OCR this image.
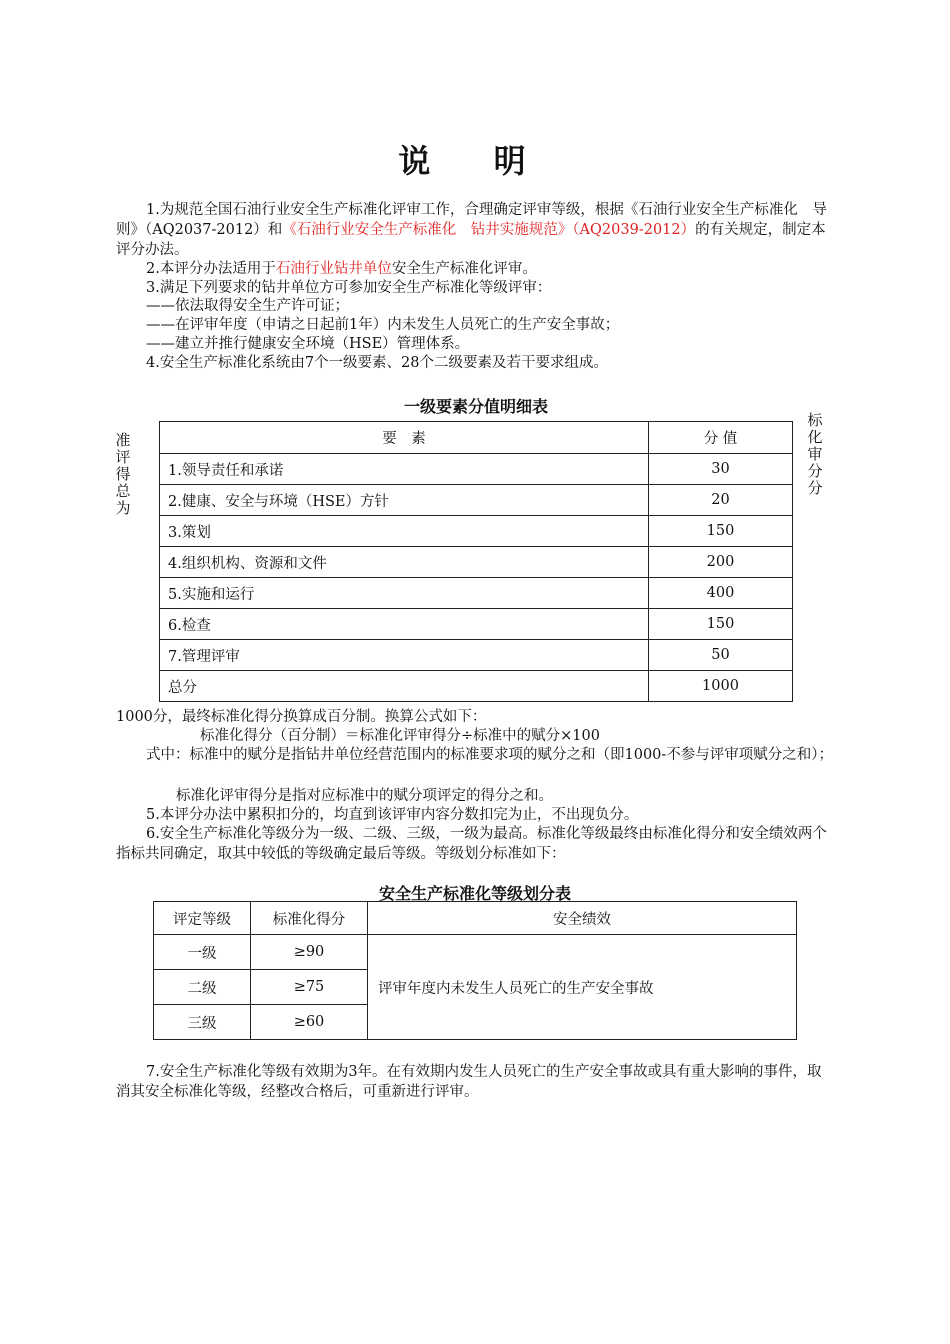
说 明

1.为规范全国石油行业安全生产标准化评审工作，合理确定评审等级，根据《石油行业安全生产标准化　导则》（AQ2037-2012）和《石油行业安全生产标准化　钻井实施规范》（AQ2039-2012）的有关规定，制定本评分办法。

2.本评分办法适用于石油行业钻井单位安全生产标准化评审。

3.满足下列要求的钻井单位方可参加安全生产标准化等级评审：

——依法取得安全生产许可证；

——在评审年度（申请之日起前1年）内未发生人员死亡的生产安全事故；

——建立并推行健康安全环境（HSE）管理体系。

4.安全生产标准化系统由7个一级要素、28个二级要素及若干要求组成。

一级要素分值明细表
准评得总为
标化审分分
要　素	分 值
1.领导责任和承诺	30
2.健康、安全与环境（HSE）方针	20
3.策划	150
4.组织机构、资源和文件	200
5.实施和运行	400
6.检查	150
7.管理评审	50
总分	1000

1000分，最终标准化得分换算成百分制。换算公式如下：

标准化得分（百分制）＝标准化评审得分÷标准中的赋分×100

式中：标准中的赋分是指钻井单位经营范围内的标准要求项的赋分之和（即1000-不参与评审项赋分之和）；

标准化评审得分是指对应标准中的赋分项评定的得分之和。

5.本评分办法中累积扣分的，均直到该评审内容分数扣完为止，不出现负分。

6.安全生产标准化等级分为一级、二级、三级，一级为最高。标准化等级最终由标准化得分和安全绩效两个指标共同确定，取其中较低的等级确定最后等级。等级划分标准如下：

安全生产标准化等级划分表
评定等级	标准化得分	安全绩效
一级	≥90	评审年度内未发生人员死亡的生产安全事故
二级	≥75	
三级	≥60	

7.安全生产标准化等级有效期为3年。在有效期内发生人员死亡的生产安全事故或具有重大影响的事件，取消其安全标准化等级，经整改合格后，可重新进行评审。
